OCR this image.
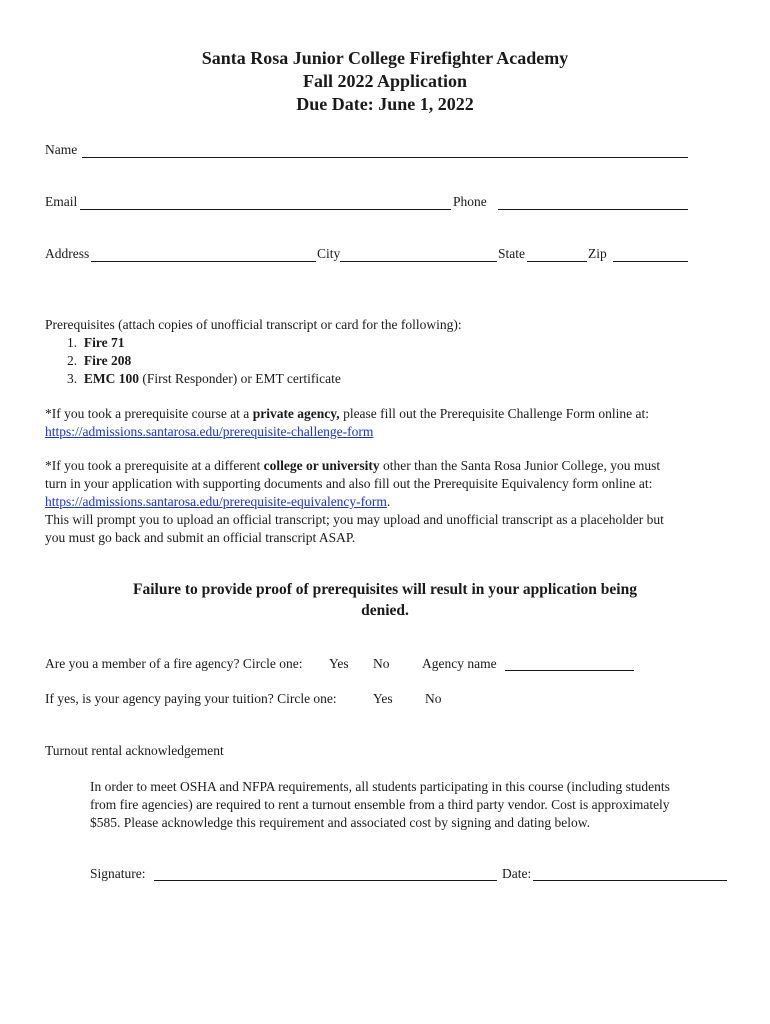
Santa Rosa Junior College Firefighter Academy
Fall 2022 Application
Due Date: June 1, 2022
Name
Email	Phone
Address	City	State	Zip
Prerequisites (attach copies of unofficial transcript or card for the following):
1. Fire 71
2. Fire 208
3. EMC 100 (First Responder) or EMT certificate
*If you took a prerequisite course at a private agency, please fill out the Prerequisite Challenge Form online at:
https://admissions.santarosa.edu/prerequisite-challenge-form
*If you took a prerequisite at a different college or university other than the Santa Rosa Junior College, you must
turn in your application with supporting documents and also fill out the Prerequisite Equivalency form online at:
https://admissions.santarosa.edu/prerequisite-equivalency-form.
This will prompt you to upload an official transcript; you may upload and unofficial transcript as a placeholder but
you must go back and submit an official transcript ASAP.
Failure to provide proof of prerequisites will result in your application being
denied.
Are you a member of a fire agency? Circle one: Yes No Agency name
If yes, is your agency paying your tuition? Circle one:	Yes No
Turnout rental acknowledgement
In order to meet OSHA and NFPA requirements, all students participating in this course (including students
from fire agencies) are required to rent a turnout ensemble from a third party vendor. Cost is approximately
$585. Please acknowledge this requirement and associated cost by signing and dating below.
Signature:	Date:
